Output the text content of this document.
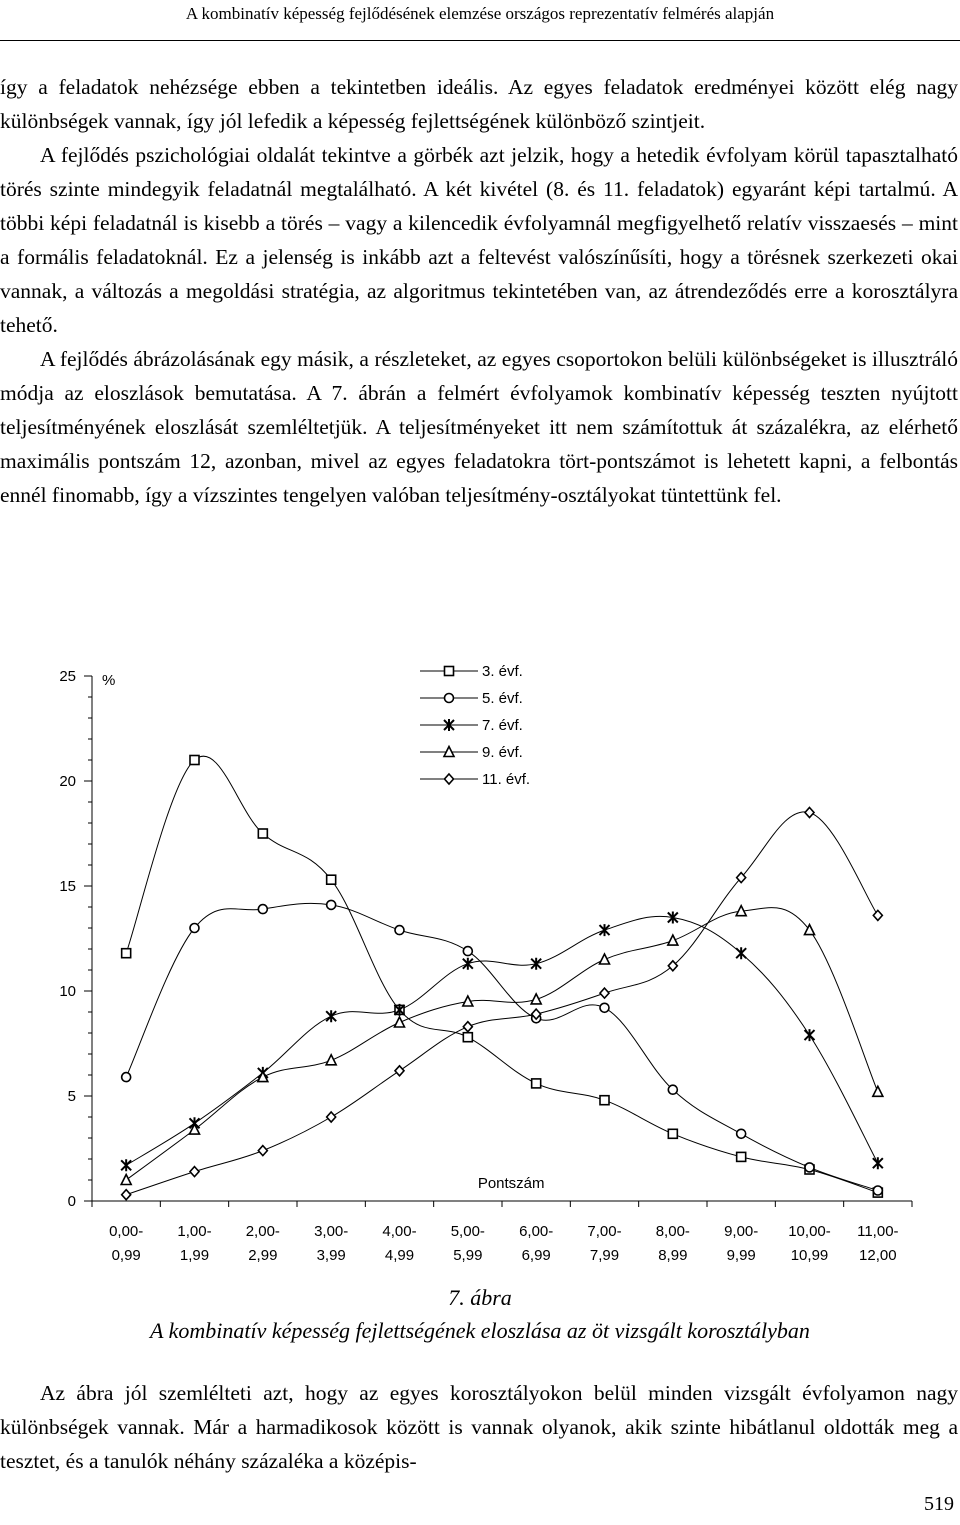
A kombinatív képesség fejlődésének elemzése országos reprezentatív felmérés alapján

így a feladatok nehézsége ebben a tekintetben ideális. Az egyes feladatok eredményei között elég nagy különbségek vannak, így jól lefedik a képesség fejlettségének különböző szintjeit.

A fejlődés pszichológiai oldalát tekintve a görbék azt jelzik, hogy a hetedik évfolyam körül tapasztalható törés szinte mindegyik feladatnál megtalálható. A két kivétel (8. és 11. feladatok) egyaránt képi tartalmú. A többi képi feladatnál is kisebb a törés – vagy a kilencedik évfolyamnál megfigyelhető relatív visszaesés – mint a formális feladatoknál. Ez a jelenség is inkább azt a feltevést valószínűsíti, hogy a törésnek szerkezeti okai vannak, a változás a megoldási stratégia, az algoritmus tekintetében van, az átrendeződés erre a korosztályra tehető.

A fejlődés ábrázolásának egy másik, a részleteket, az egyes csoportokon belüli különbségeket is illusztráló módja az eloszlások bemutatása. A 7. ábrán a felmért évfolyamok kombinatív képesség teszten nyújtott teljesítményének eloszlását szemléltetjük. A teljesítményeket itt nem számítottuk át százalékra, az elérhető maximális pontszám 12, azonban, mivel az egyes feladatokra tört-pontszámot is lehetett kapni, a felbontás ennél finomabb, így a vízszintes tengelyen valóban teljesítmény-osztályokat tüntettünk fel.

0
5
10
15
20
25
0,00-
0,99
1,00-
1,99
2,00-
2,99
3,00-
3,99
4,00-
4,99
5,00-
5,99
6,00-
6,99
7,00-
7,99
8,00-
8,99
9,00-
9,99
10,00-
10,99
11,00-
12,00
%
Pontszám
3. évf.
5. évf.
7. évf.
9. évf.
11. évf.
7. ábra
A kombinatív képesség fejlettségének eloszlása az öt vizsgált korosztályban

Az ábra jól szemlélteti azt, hogy az egyes korosztályokon belül minden vizsgált évfolyamon nagy különbségek vannak. Már a harmadikosok között is vannak olyanok, akik szinte hibátlanul oldották meg a tesztet, és a tanulók néhány százaléka a középis-

519
